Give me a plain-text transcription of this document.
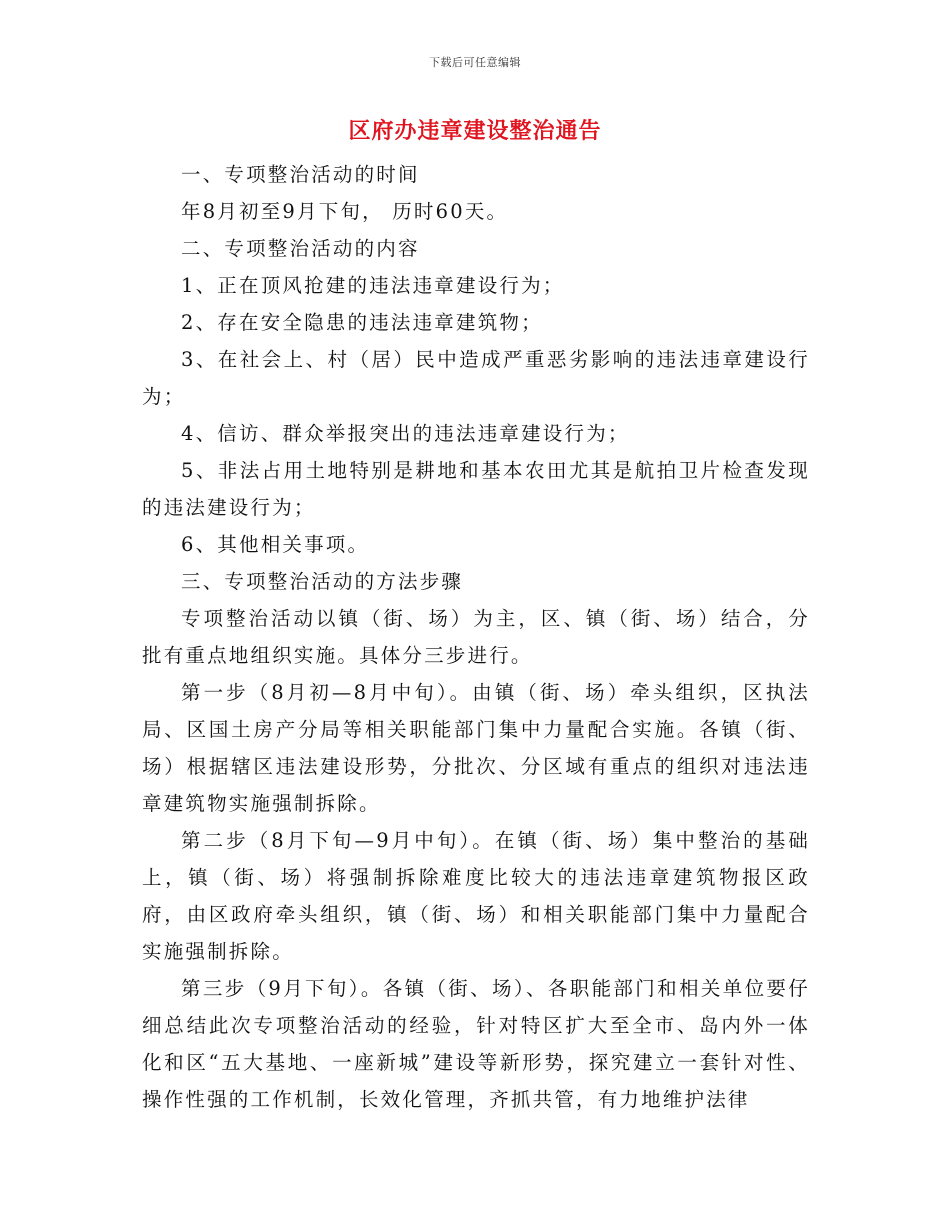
下载后可任意编辑
区府办违章建设整治通告

一、专项整治活动的时间

年8月初至9月下旬， 历时60天。

二、专项整治活动的内容

1、正在顶风抢建的违法违章建设行为；

2、存在安全隐患的违法违章建筑物；

3、在社会上、村（居）民中造成严重恶劣影响的违法违章建设行为；

4、信访、群众举报突出的违法违章建设行为；

5、非法占用土地特别是耕地和基本农田尤其是航拍卫片检查发现的违法建设行为；

6、其他相关事项。

三、专项整治活动的方法步骤

专项整治活动以镇（街、场）为主，区、镇（街、场）结合，分批有重点地组织实施。具体分三步进行。

第一步（8月初—8月中旬）。由镇（街、场）牵头组织，区执法局、区国土房产分局等相关职能部门集中力量配合实施。各镇（街、场）根据辖区违法建设形势，分批次、分区域有重点的组织对违法违章建筑物实施强制拆除。

第二步（8月下旬—9月中旬）。在镇（街、场）集中整治的基础上，镇（街、场）将强制拆除难度比较大的违法违章建筑物报区政府，由区政府牵头组织，镇（街、场）和相关职能部门集中力量配合实施强制拆除。

第三步（9月下旬）。各镇（街、场）、各职能部门和相关单位要仔细总结此次专项整治活动的经验，针对特区扩大至全市、岛内外一体化和区“五大基地、一座新城”建设等新形势，探究建立一套针对性、操作性强的工作机制，长效化管理，齐抓共管，有力地维护法律
